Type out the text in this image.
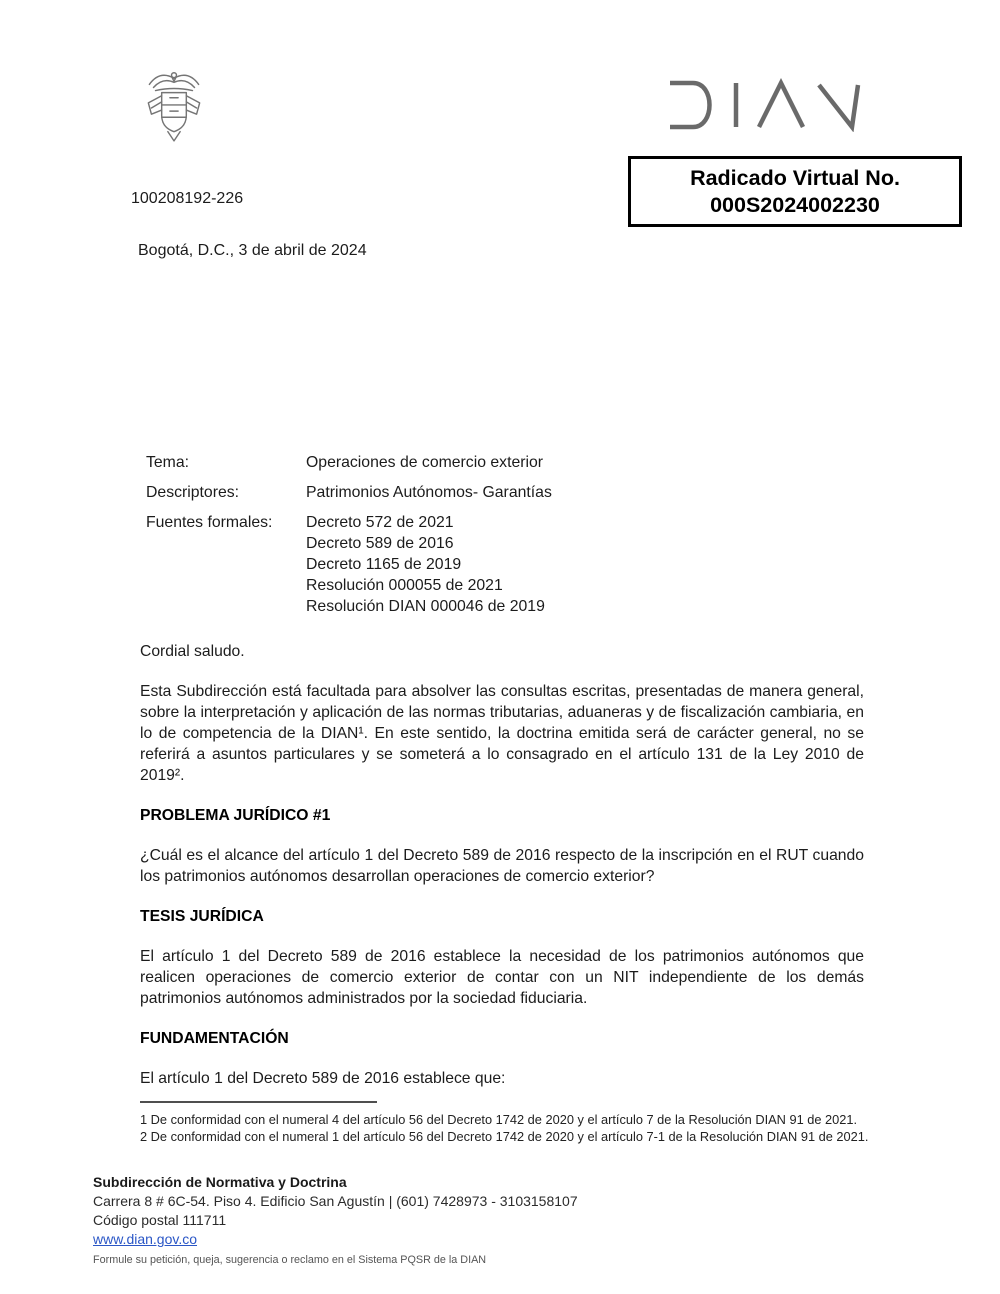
Radicado Virtual No.
000S2024002230
100208192-226
Bogotá, D.C., 3 de abril de 2024
Tema:	Operaciones de comercio exterior
Descriptores:	Patrimonios Autónomos- Garantías
Fuentes formales:	Decreto 572 de 2021
Decreto 589 de 2016
Decreto 1165 de 2019
Resolución 000055 de 2021
Resolución DIAN 000046 de 2019

Cordial saludo.

Esta Subdirección está facultada para absolver las consultas escritas, presentadas de manera general, sobre la interpretación y aplicación de las normas tributarias, aduaneras y de fiscalización cambiaria, en lo de competencia de la DIAN¹. En este sentido, la doctrina emitida será de carácter general, no se referirá a asuntos particulares y se someterá a lo consagrado en el artículo 131 de la Ley 2010 de 2019².

PROBLEMA JURÍDICO #1

¿Cuál es el alcance del artículo 1 del Decreto 589 de 2016 respecto de la inscripción en el RUT cuando los patrimonios autónomos desarrollan operaciones de comercio exterior?

TESIS JURÍDICA

El artículo 1 del Decreto 589 de 2016 establece la necesidad de los patrimonios autónomos que realicen operaciones de comercio exterior de contar con un NIT independiente de los demás patrimonios autónomos administrados por la sociedad fiduciaria.

FUNDAMENTACIÓN

El artículo 1 del Decreto 589 de 2016 establece que:

1 De conformidad con el numeral 4 del artículo 56 del Decreto 1742 de 2020 y el artículo 7 de la Resolución DIAN 91 de 2021.
2 De conformidad con el numeral 1 del artículo 56 del Decreto 1742 de 2020 y el artículo 7-1 de la Resolución DIAN 91 de 2021.
Subdirección de Normativa y Doctrina
Carrera 8 # 6C-54. Piso 4. Edificio San Agustín | (601) 7428973 - 3103158107
Código postal 111711
www.dian.gov.co
Formule su petición, queja, sugerencia o reclamo en el Sistema PQSR de la DIAN
